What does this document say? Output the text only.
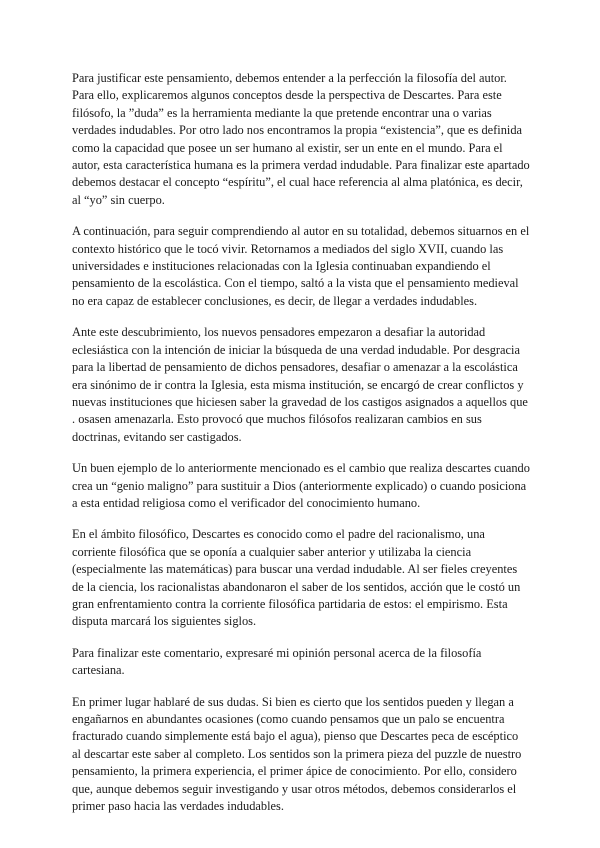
Para justificar este pensamiento, debemos entender a la perfección la filosofía del autor. Para ello, explicaremos algunos conceptos desde la perspectiva de Descartes. Para este filósofo, la ”duda” es la herramienta mediante la que pretende encontrar una o varias verdades indudables. Por otro lado nos encontramos la propia “existencia”, que es definida como la capacidad que posee un ser humano al existir, ser un ente en el mundo. Para el autor, esta característica humana es la primera verdad indudable. Para finalizar este apartado debemos destacar el concepto “espíritu”, el cual hace referencia al alma platónica, es decir, al “yo” sin cuerpo.

A continuación, para seguir comprendiendo al autor en su totalidad, debemos situarnos en el contexto histórico que le tocó vivir. Retornamos a mediados del siglo XVII, cuando las universidades e instituciones relacionadas con la Iglesia continuaban expandiendo el pensamiento de la escolástica. Con el tiempo, saltó a la vista que el pensamiento medieval no era capaz de establecer conclusiones, es decir, de llegar a verdades indudables.

Ante este descubrimiento, los nuevos pensadores empezaron a desafiar la autoridad eclesiástica con la intención de iniciar la búsqueda de una verdad indudable. Por desgracia para la libertad de pensamiento de dichos pensadores, desafiar o amenazar a la escolástica era sinónimo de ir contra la Iglesia, esta misma institución, se encargó de crear conflictos y nuevas instituciones que hiciesen saber la gravedad de los castigos asignados a aquellos que . osasen amenazarla. Esto provocó que muchos filósofos realizaran cambios en sus doctrinas, evitando ser castigados.

Un buen ejemplo de lo anteriormente mencionado es el cambio que realiza descartes cuando crea un “genio maligno” para sustituir a Dios (anteriormente explicado) o cuando posiciona a esta entidad religiosa como el verificador del conocimiento humano.

En el ámbito filosófico, Descartes es conocido como el padre del racionalismo, una corriente filosófica que se oponía a cualquier saber anterior y utilizaba la ciencia (especialmente las matemáticas) para buscar una verdad indudable. Al ser fieles creyentes de la ciencia, los racionalistas abandonaron el saber de los sentidos, acción que le costó un gran enfrentamiento contra la corriente filosófica partidaria de estos: el empirismo. Esta disputa marcará los siguientes siglos.

Para finalizar este comentario, expresaré mi opinión personal acerca de la filosofía cartesiana.

En primer lugar hablaré de sus dudas. Si bien es cierto que los sentidos pueden y llegan a engañarnos en abundantes ocasiones (como cuando pensamos que un palo se encuentra fracturado cuando simplemente está bajo el agua), pienso que Descartes peca de escéptico al descartar este saber al completo. Los sentidos son la primera pieza del puzzle de nuestro pensamiento, la primera experiencia, el primer ápice de conocimiento. Por ello, considero que, aunque debemos seguir investigando y usar otros métodos, debemos considerarlos el primer paso hacia las verdades indudables.
